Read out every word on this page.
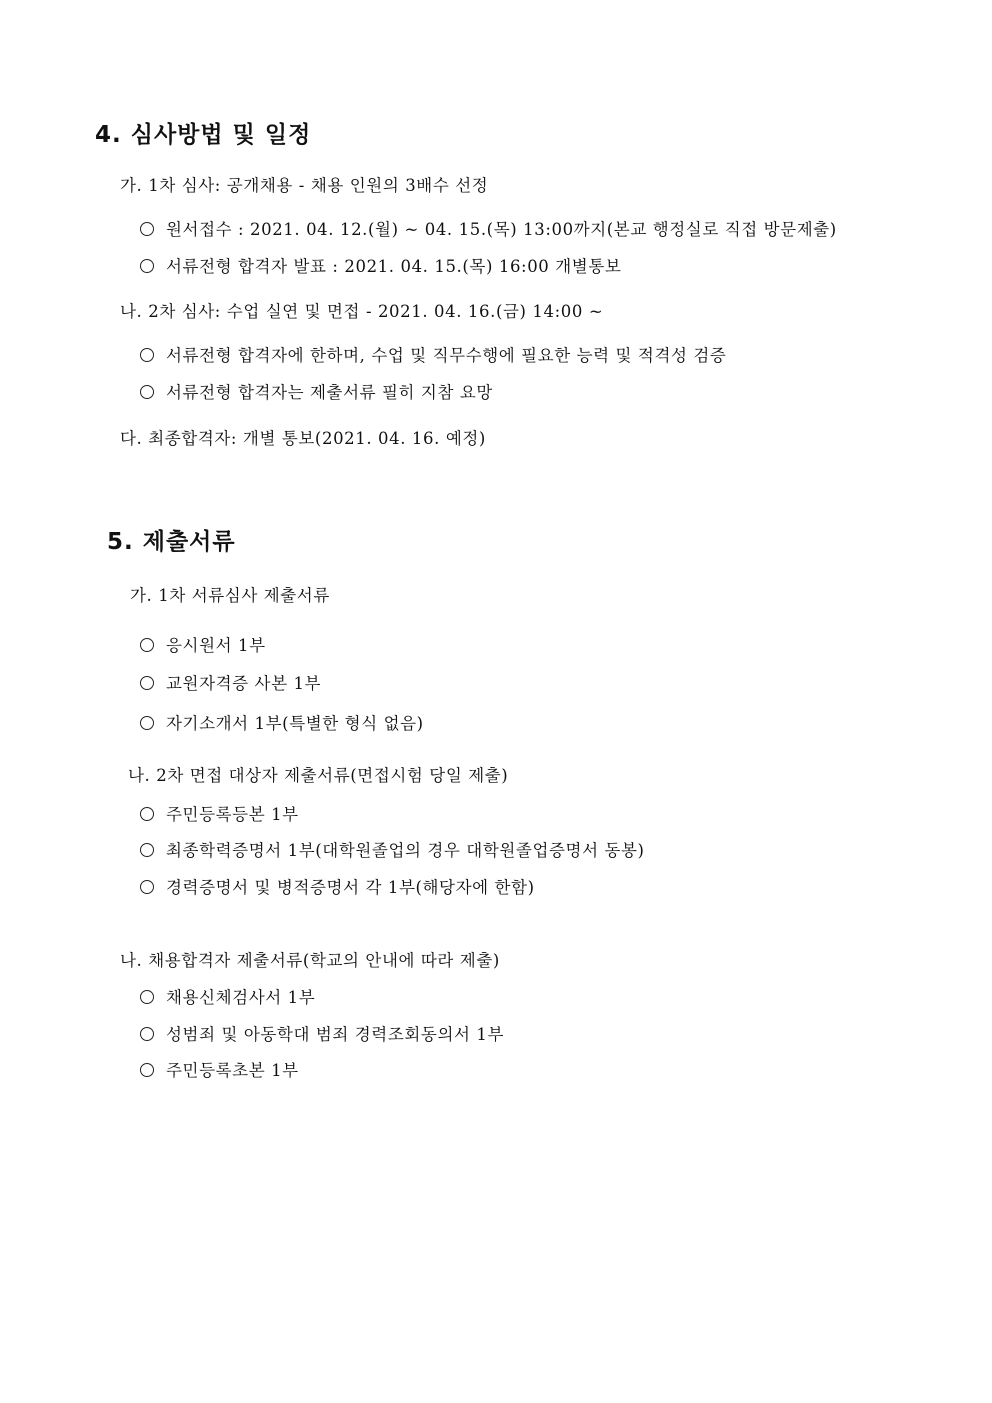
4. 심사방법 및 일정
가. 1차 심사: 공개채용 - 채용 인원의 3배수 선정
원서접수 : 2021. 04. 12.(월) ~ 04. 15.(목) 13:00까지(본교 행정실로 직접 방문제출)
서류전형 합격자 발표 : 2021. 04. 15.(목) 16:00 개별통보
나. 2차 심사: 수업 실연 및 면접 - 2021. 04. 16.(금) 14:00 ~
서류전형 합격자에 한하며, 수업 및 직무수행에 필요한 능력 및 적격성 검증
서류전형 합격자는 제출서류 필히 지참 요망
다. 최종합격자: 개별 통보(2021. 04. 16. 예정)
5. 제출서류
가. 1차 서류심사 제출서류
응시원서 1부
교원자격증 사본 1부
자기소개서 1부(특별한 형식 없음)
나. 2차 면접 대상자 제출서류(면접시험 당일 제출)
주민등록등본 1부
최종학력증명서 1부(대학원졸업의 경우 대학원졸업증명서 동봉)
경력증명서 및 병적증명서 각 1부(해당자에 한함)
나. 채용합격자 제출서류(학교의 안내에 따라 제출)
채용신체검사서 1부
성범죄 및 아동학대 범죄 경력조회동의서 1부
주민등록초본 1부
